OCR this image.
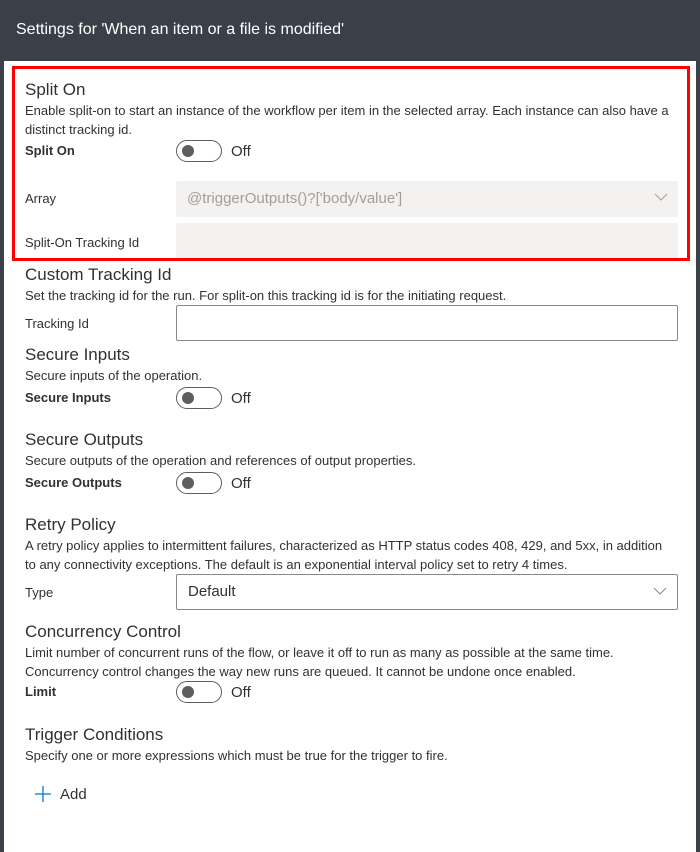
Settings for 'When an item or a file is modified'
Split On
Enable split-on to start an instance of the workflow per item in the selected array. Each instance can also have a distinct tracking id.
Split On	Off
Array	@triggerOutputs()?['body/value']
Split-On Tracking Id
Custom Tracking Id
Set the tracking id for the run. For split-on this tracking id is for the initiating request.
Tracking Id
Secure Inputs
Secure inputs of the operation.
Secure Inputs	Off
Secure Outputs
Secure outputs of the operation and references of output properties.
Secure Outputs	Off
Retry Policy
A retry policy applies to intermittent failures, characterized as HTTP status codes 408, 429, and 5xx, in addition to any connectivity exceptions. The default is an exponential interval policy set to retry 4 times.
Type	Default
Concurrency Control
Limit number of concurrent runs of the flow, or leave it off to run as many as possible at the same time.
Concurrency control changes the way new runs are queued. It cannot be undone once enabled.
Limit	Off
Trigger Conditions
Specify one or more expressions which must be true for the trigger to fire.
Add
